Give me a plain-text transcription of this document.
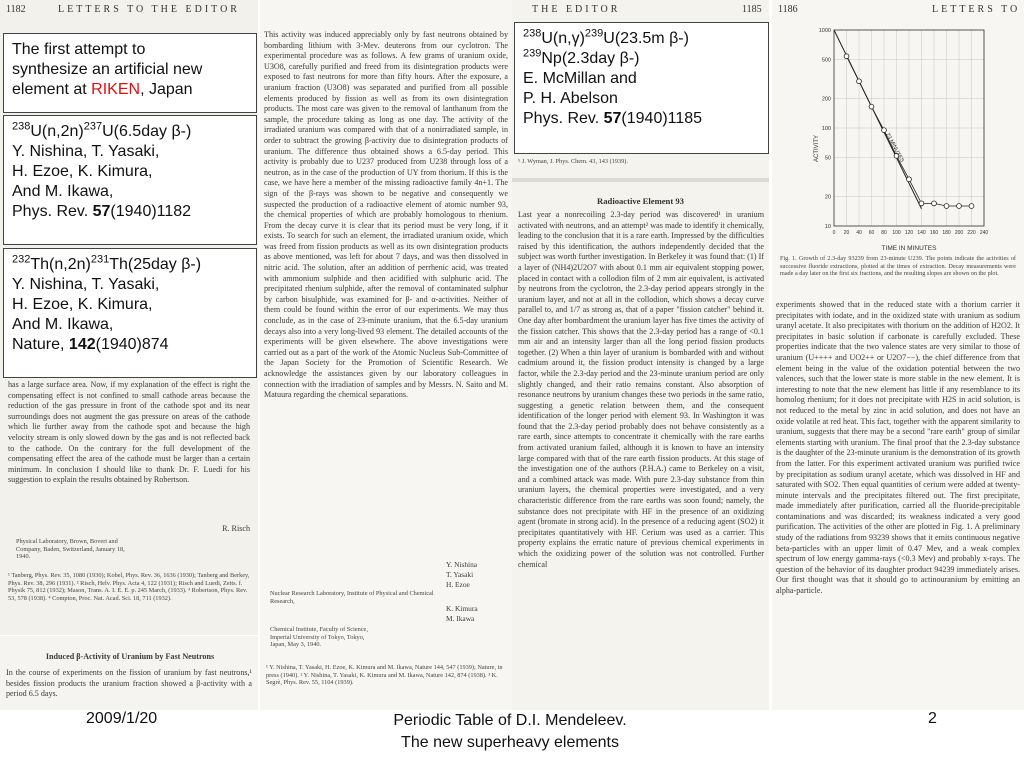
1182	LETTERS TO THE EDITOR
has a large surface area. Now, if my explanation of the effect is right the compensating effect is not confined to small cathode areas because the reduction of the gas pressure in front of the cathode spot and its near surroundings does not augment the gas pressure on areas of the cathode which lie further away from the cathode spot and because the high velocity stream is only slowed down by the gas and is not reflected back to the cathode. On the contrary for the full development of the compensating effect the area of the cathode must be larger than a certain minimum. In conclusion I should like to thank Dr. F. Luedi for his suggestion to explain the results obtained by Robertson.
R. Risch
Physical Laboratory, Brown, Boveri and Company, Baden, Switzerland, January 18, 1940.
¹ Tanberg, Phys. Rev. 35, 1080 (1930); Kobel, Phys. Rev. 36, 1636 (1930); Tanberg and Berkey, Phys. Rev. 38, 296 (1931). ² Risch, Helv. Phys. Acta 4, 122 (1931); Risch and Luedi, Zeits. f. Physik 75, 812 (1932); Mason, Trans. A. I. E. E. p. 245 March, (1933). ³ Robertson, Phys. Rev. 53, 578 (1938). ⁴ Compton, Proc. Nat. Acad. Sci. 18, 711 (1932).
Induced β-Activity of Uranium by Fast Neutrons
In the course of experiments on the fission of uranium by fast neutrons,¹ besides fission products the uranium fraction showed a β-activity with a period 6.5 days.
This activity was induced appreciably only by fast neutrons obtained by bombarding lithium with 3-Mev. deuterons from our cyclotron. The experimental procedure was as follows. A few grams of uranium oxide, U3O8, carefully purified and freed from its disintegration products were exposed to fast neutrons for more than fifty hours. After the exposure, a uranium fraction (U3O8) was separated and purified from all possible elements produced by fission as well as from its own disintegration products. The most care was given to the removal of lanthanum from the sample, the procedure taking as long as one day. The activity of the irradiated uranium was compared with that of a nonirradiated sample, in order to subtract the growing β-activity due to disintegration products of uranium. The difference thus obtained shows a 6.5-day period. This activity is probably due to U237 produced from U238 through loss of a neutron, as in the case of the production of UY from thorium. If this is the case, we have here a member of the missing radioactive family 4n+1. The sign of the β-rays was shown to be negative and consequently we suspected the production of a radioactive element of atomic number 93, the chemical properties of which are probably homologous to rhenium. From the decay curve it is clear that its period must be very long, if it exists. To search for such an element, the irradiated uranium oxide, which was freed from fission products as well as its own disintegration products as above mentioned, was left for about 7 days, and was then dissolved in nitric acid. The solution, after an addition of perrhenic acid, was treated with ammonium sulphide and then acidified with sulphuric acid. The precipitated rhenium sulphide, after the removal of contaminated sulphur by carbon bisulphide, was examined for β- and α-activities. Neither of them could be found within the error of our experiments. We may thus conclude, as in the case of 23-minute uranium, that the 6.5-day uranium decays also into a very long-lived 93 element. The detailed accounts of the experiments will be given elsewhere. The above investigations were carried out as a part of the work of the Atomic Nucleus Sub-Committee of the Japan Society for the Promotion of Scientific Research. We acknowledge the assistances given by our laboratory colleagues in connection with the irradiation of samples and by Messrs. N. Saito and M. Matuura regarding the chemical separations.
Y. Nishina
T. Yasaki
H. Ezoe
Nuclear Research Laboratory, Institute of Physical and Chemical Research,
K. Kimura
M. Ikawa
Chemical Institute, Faculty of Science, Imperial University of Tokyo, Tokyo, Japan, May 3, 1940.
¹ Y. Nishina, T. Yasaki, H. Ezoe, K. Kimura and M. Ikawa, Nature 144, 547 (1939); Nature, in press (1940). ² Y. Nishina, T. Yasaki, K. Kimura and M. Ikawa, Nature 142, 874 (1938). ³ K. Segrè, Phys. Rev. 55, 1104 (1939).
THE EDITOR	1185
⁵ J. Wyman, J. Phys. Chem. 43, 143 (1939).
Radioactive Element 93
Last year a nonrecoiling 2.3-day period was discovered¹ in uranium activated with neutrons, and an attempt² was made to identify it chemically, leading to the conclusion that it is a rare earth. Impressed by the difficulties raised by this identification, the authors independently decided that the subject was worth further investigation. In Berkeley it was found that: (1) If a layer of (NH4)2U2O7 with about 0.1 mm air equivalent stopping power, placed in contact with a collodion film of 2 mm air equivalent, is activated by neutrons from the cyclotron, the 2.3-day period appears strongly in the uranium layer, and not at all in the collodion, which shows a decay curve parallel to, and 1/7 as strong as, that of a paper "fission catcher" behind it. One day after bombardment the uranium layer has five times the activity of the fission catcher. This shows that the 2.3-day period has a range of <0.1 mm air and an intensity larger than all the long period fission products together. (2) When a thin layer of uranium is bombarded with and without cadmium around it, the fission product intensity is changed by a large factor, while the 2.3-day period and the 23-minute uranium period are only slightly changed, and their ratio remains constant. Also absorption of resonance neutrons by uranium changes these two periods in the same ratio, suggesting a genetic relation between them, and the consequent identification of the longer period with element 93. In Washington it was found that the 2.3-day period probably does not behave consistently as a rare earth, since attempts to concentrate it chemically with the rare earths from activated uranium failed, although it is known to have an intensity large compared with that of the rare earth fission products. At this stage of the investigation one of the authors (P.H.A.) came to Berkeley on a visit, and a combined attack was made. With pure 2.3-day substance from thin uranium layers, the chemical properties were investigated, and a very characteristic difference from the rare earths was soon found; namely, the substance does not precipitate with HF in the presence of an oxidizing agent (bromate in strong acid). In the presence of a reducing agent (SO2) it precipitates quantitatively with HF. Cerium was used as a carrier. This property explains the erratic nature of previous chemical experiments in which the oxidizing power of the solution was not controlled. Further chemical
1186	LETTERS TO
experiments showed that in the reduced state with a thorium carrier it precipitates with iodate, and in the oxidized state with uranium as sodium uranyl acetate. It also precipitates with thorium on the addition of H2O2. It precipitates in basic solution if carbonate is carefully excluded. These properties indicate that the two valence states are very similar to those of uranium (U++++ and UO2++ or U2O7−−), the chief difference from that element being in the value of the oxidation potential between the two valences, such that the lower state is more stable in the new element. It is interesting to note that the new element has little if any resemblance to its homolog rhenium; for it does not precipitate with H2S in acid solution, is not reduced to the metal by zinc in acid solution, and does not have an oxide volatile at red heat. This fact, together with the apparent similarity to uranium, suggests that there may be a second "rare earth" group of similar elements starting with uranium. The final proof that the 2.3-day substance is the daughter of the 23-minute uranium is the demonstration of its growth from the latter. For this experiment activated uranium was purified twice by precipitation as sodium uranyl acetate, which was dissolved in HF and saturated with SO2. Then equal quantities of cerium were added at twenty-minute intervals and the precipitates filtered out. The first precipitate, made immediately after purification, carried all the fluoride-precipitable contaminations and was discarded; its weakness indicated a very good purification. The activities of the other are plotted in Fig. 1. A preliminary study of the radiations from 93239 shows that it emits continuous negative beta-particles with an upper limit of 0.47 Mev, and a weak complex spectrum of low energy gamma-rays (<0.3 Mev) and probably x-rays. The question of the behavior of its daughter product 94239 immediately arises. Our first thought was that it should go to actinouranium by emitting an alpha-particle.
10
20
50
100
200
500
1000
0 20 40 60 80 100 120 140 160 180 200 220 240
ACTIVITY
TIME IN MINUTES
23 MINUTES
Fig. 1. Growth of 2.3-day 93239 from 23-minute U239. The points indicate the activities of successive fluoride extractions, plotted at the times of extraction. Decay measurements were made a day later on the first six fractions, and the resulting slopes are shown on the plot.
The first attempt to
synthesize an artificial new
element at RIKEN, Japan
$^{238}U(n,2n)^{237}U(6.5day$ β-)
Y. Nishina, T. Yasaki,
H. Ezoe, K. Kimura,
And M. Ikawa,
Phys. Rev. 57(1940)1182
$^{232}Th(n,2n)^{231}Th(25day$ β-)
Y. Nishina, T. Yasaki,
H. Ezoe, K. Kimura,
And M. Ikawa,
Nature, 142(1940)874
$^{238}U(n,\gamma)^{239}U(23.5m$ β-)
$^{239}$Np(2.3day β-)
E. McMillan and
P. H. Abelson
Phys. Rev. 57(1940)1185
2009/1/20	Periodic Table of D.I. Mendeleev.
The new superheavy elements
2
